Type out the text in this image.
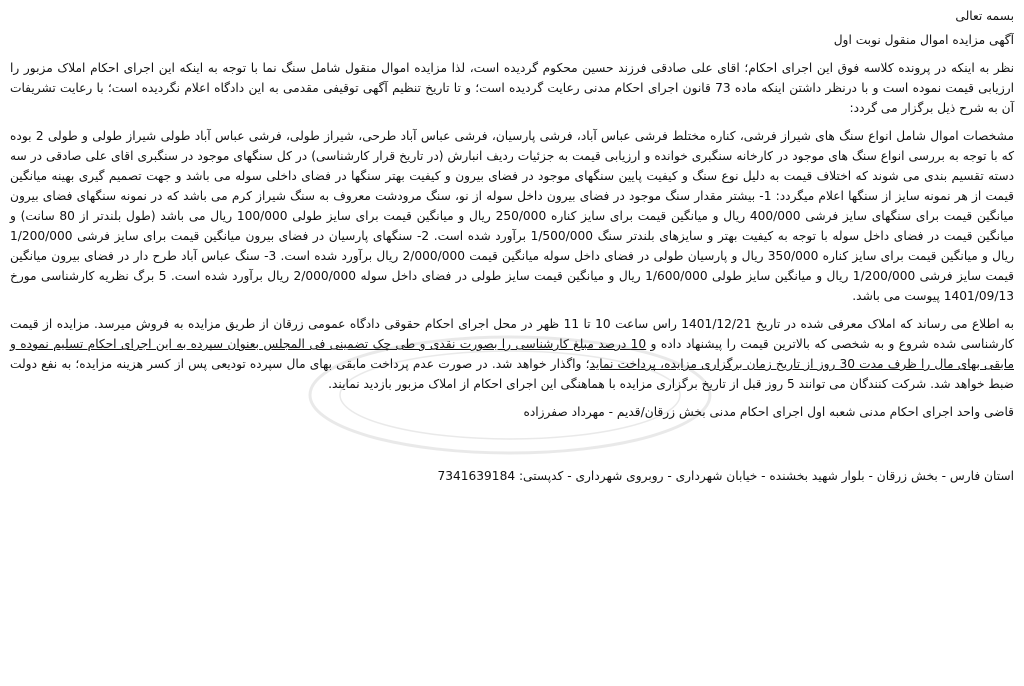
بسمه تعالی
آگهی مزایده اموال منقول نوبت اول
نظر به اینکه در پرونده کلاسه فوق این اجرای احکام؛ اقای علی صادقی فرزند حسین محکوم گردیده است، لذا مزایده اموال منقول شامل سنگ نما با توجه به اینکه این اجرای احکام املاک مزبور را ارزیابی قیمت نموده است و با درنظر داشتن اینکه ماده 73 قانون اجرای احکام مدنی رعایت گردیده است؛ و تا تاریخ تنظیم آگهی توقیفی مقدمی به این دادگاه اعلام نگردیده است؛ با رعایت تشریفات آن به شرح ذیل برگزار می گردد:
مشخصات اموال شامل انواع سنگ های شیراز فرشی، کناره مختلط فرشی عباس آباد، فرشی پارسیان، فرشی عباس آباد طرحی، شیراز طولی، فرشی عباس آباد طولی شیراز طولی و طولی 2 بوده که با توجه به بررسی انواع سنگ های موجود در کارخانه سنگبری خوانده و ارزیابی قیمت به جزئیات ردیف انبارش (در تاریخ قرار کارشناسی) در کل سنگهای موجود در سنگبری اقای علی صادقی در سه دسته تقسیم بندی می شوند که اختلاف قیمت به دلیل نوع سنگ و کیفیت پایین سنگهای موجود در فضای بیرون و کیفیت بهتر سنگها در فضای داخلی سوله می باشد و جهت تصمیم گیری بهینه میانگین قیمت از هر نمونه سایز از سنگها اعلام میگردد: 1- بیشتر مقدار سنگ موجود در فضای بیرون داخل سوله از نو، سنگ مرودشت معروف به سنگ شیراز کرم می باشد که در نمونه سنگهای فضای بیرون میانگین قیمت برای سنگهای سایز فرشی 400/000 ریال و میانگین قیمت برای سایز کناره 250/000 ریال و میانگین قیمت برای سایز طولی 100/000 ریال می باشد (طول بلندتر از 80 سانت) و میانگین قیمت در فضای داخل سوله با توجه به کیفیت بهتر و سایزهای بلندتر سنگ 1/500/000 برآورد شده است. 2- سنگهای پارسیان در فضای بیرون میانگین قیمت برای سایز فرشی 1/200/000 ریال و میانگین قیمت برای سایز کناره 350/000 ریال و پارسیان طولی در فضای داخل سوله میانگین قیمت 2/000/000 ریال برآورد شده است. 3- سنگ عباس آباد طرح دار در فضای بیرون میانگین قیمت سایز فرشی 1/200/000 ریال و میانگین سایز طولی 1/600/000 ریال و میانگین قیمت سایز طولی در فضای داخل سوله 2/000/000 ریال برآورد شده است. 5 برگ نظریه کارشناسی مورخ 1401/09/13 پیوست می باشد.
به اطلاع می رساند که املاک معرفی شده در تاریخ 1401/12/21 راس ساعت 10 تا 11 ظهر در محل اجرای احکام حقوقی دادگاه عمومی زرقان از طریق مزایده به فروش میرسد. مزایده از قیمت کارشناسی شده شروع و به شخصی که بالاترین قیمت را پیشنهاد داده و 10 درصد مبلغ کارشناسی را بصورت نقدی و طی چک تضمینی فی المجلس بعنوان سپرده به این اجرای احکام تسلیم نموده و مابقی بهای مال را ظرف مدت 30 روز از تاریخ زمان برگزاری مزایده، پرداخت نماید؛ واگذار خواهد شد. در صورت عدم پرداخت مابقی بهای مال سپرده تودیعی پس از کسر هزینه مزایده؛ به نفع دولت ضبط خواهد شد. شرکت کنندگان می توانند 5 روز قبل از تاریخ برگزاری مزایده با هماهنگی این اجرای احکام از املاک مزبور بازدید نمایند.
قاضی واحد اجرای احکام مدنی شعبه اول اجرای احکام مدنی بخش زرقان/قدیم - مهرداد صفرزاده
استان فارس - بخش زرقان - بلوار شهید بخشنده - خیابان شهرداری - روبروی شهرداری - کدپستی: 7341639184
